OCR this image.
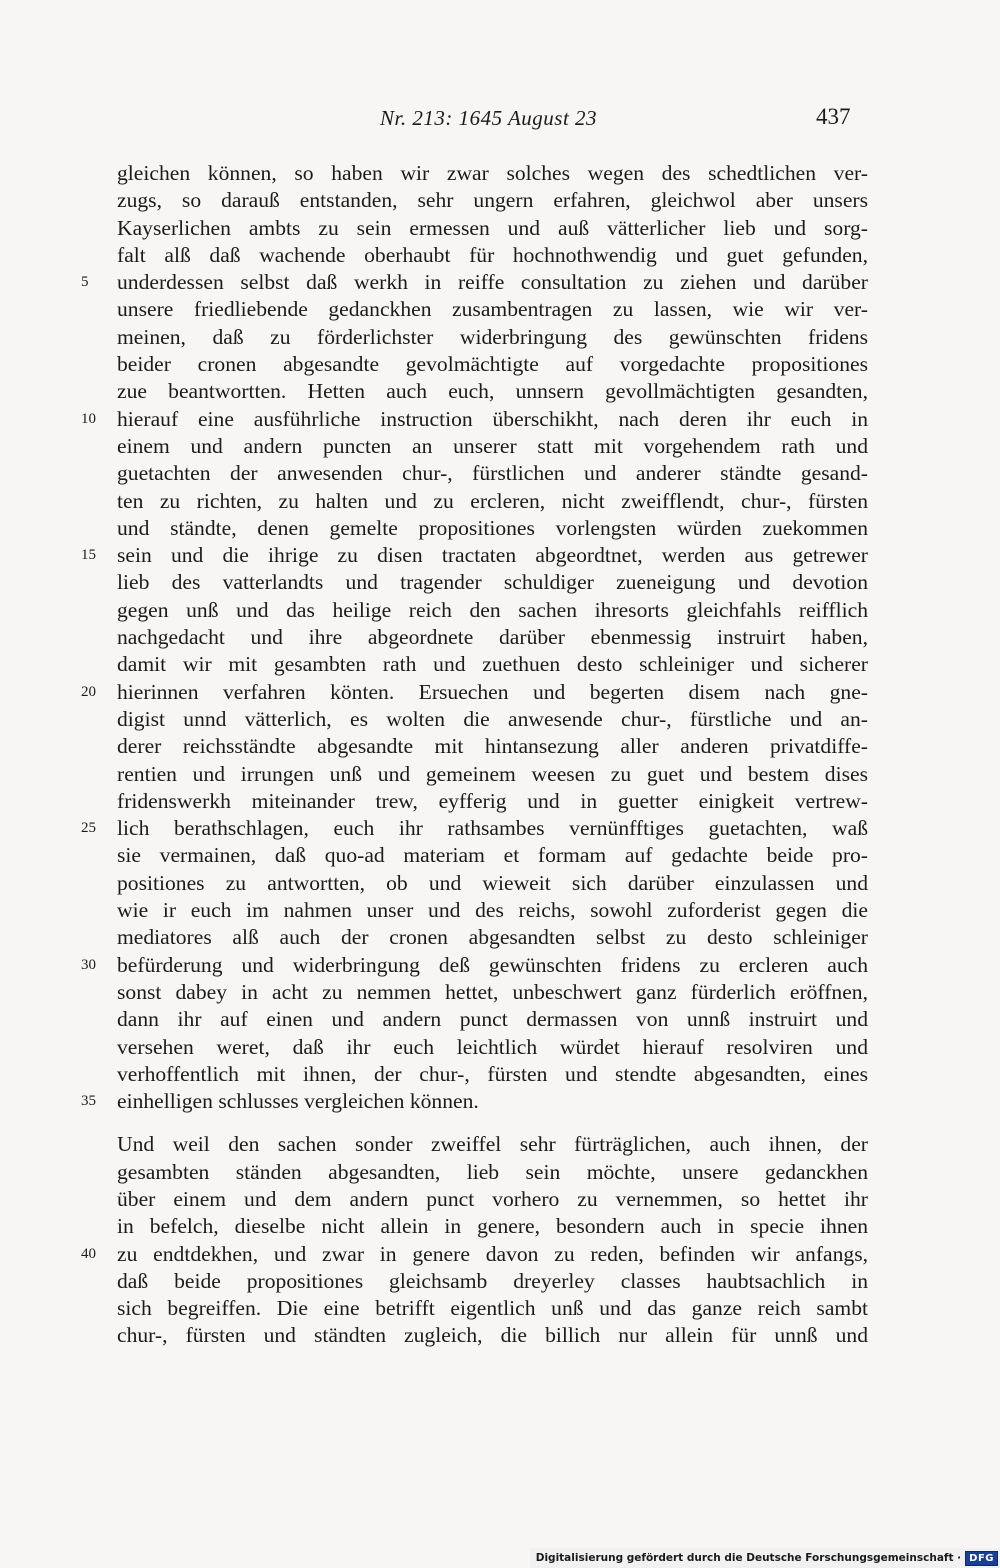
Nr. 213: 1645 August 23	437
gleichen können, so haben wir zwar solches wegen des schedtlichen ver-
zugs, so darauß entstanden, sehr ungern erfahren, gleichwol aber unsers
Kayserlichen ambts zu sein ermessen und auß vätterlicher lieb und sorg-
falt alß daß wachende oberhaubt für hochnothwendig und guet gefunden,
5	underdessen selbst daß werkh in reiffe consultation zu ziehen und darüber
unsere friedliebende gedanckhen zusambentragen zu lassen, wie wir ver-
meinen, daß zu förderlichster widerbringung des gewünschten fridens
beider cronen abgesandte gevolmächtigte auf vorgedachte propositiones
zue beantwortten. Hetten auch euch, unnsern gevollmächtigten gesandten,
10 hierauf eine ausführliche instruction überschikht, nach deren ihr euch in
einem und andern puncten an unserer statt mit vorgehendem rath und
guetachten der anwesenden chur-, fürstlichen und anderer ständte gesand-
ten zu richten, zu halten und zu ercleren, nicht zweifflendt, chur-, fürsten
und ständte, denen gemelte propositiones vorlengsten würden zuekommen
15 sein und die ihrige zu disen tractaten abgeordtnet, werden aus getrewer
lieb des vatterlandts und tragender schuldiger zueneigung und devotion
gegen unß und das heilige reich den sachen ihresorts gleichfahls reifflich
nachgedacht und ihre abgeordnete darüber ebenmessig instruirt haben,
damit wir mit gesambten rath und zuethuen desto schleiniger und sicherer
20 hierinnen verfahren könten. Ersuechen und begerten disem nach gne-
digist unnd vätterlich, es wolten die anwesende chur-, fürstliche und an-
derer reichsständte abgesandte mit hintansezung aller anderen privatdiffe-
rentien und irrungen unß und gemeinem weesen zu guet und bestem dises
fridenswerkh miteinander trew, eyfferig und in guetter einigkeit vertrew-
25 lich berathschlagen, euch ihr rathsambes vernünfftiges guetachten, waß
sie vermainen, daß quo-ad materiam et formam auf gedachte beide pro-
positiones zu antwortten, ob und wieweit sich darüber einzulassen und
wie ir euch im nahmen unser und des reichs, sowohl zuforderist gegen die
mediatores alß auch der cronen abgesandten selbst zu desto schleiniger
30 befürderung und widerbringung deß gewünschten fridens zu ercleren auch
sonst dabey in acht zu nemmen hettet, unbeschwert ganz fürderlich eröffnen,
dann ihr auf einen und andern punct dermassen von unnß instruirt und
versehen weret, daß ihr euch leichtlich würdet hierauf resolviren und
verhoffentlich mit ihnen, der chur-, fürsten und stendte abgesandten, eines
35 einhelligen schlusses vergleichen können.
Und weil den sachen sonder zweiffel sehr fürträglichen, auch ihnen, der
gesambten ständen abgesandten, lieb sein möchte, unsere gedanckhen
über einem und dem andern punct vorhero zu vernemmen, so hettet ihr
in befelch, dieselbe nicht allein in genere, besondern auch in specie ihnen
40 zu endtdekhen, und zwar in genere davon zu reden, befinden wir anfangs,
daß beide propositiones gleichsamb dreyerley classes haubtsachlich in
sich begreiffen. Die eine betrifft eigentlich unß und das ganze reich sambt
chur-, fürsten und ständten zugleich, die billich nur allein für unnß und
Digitalisierung gefördert durch die Deutsche Forschungsgemeinschaft · DFG
